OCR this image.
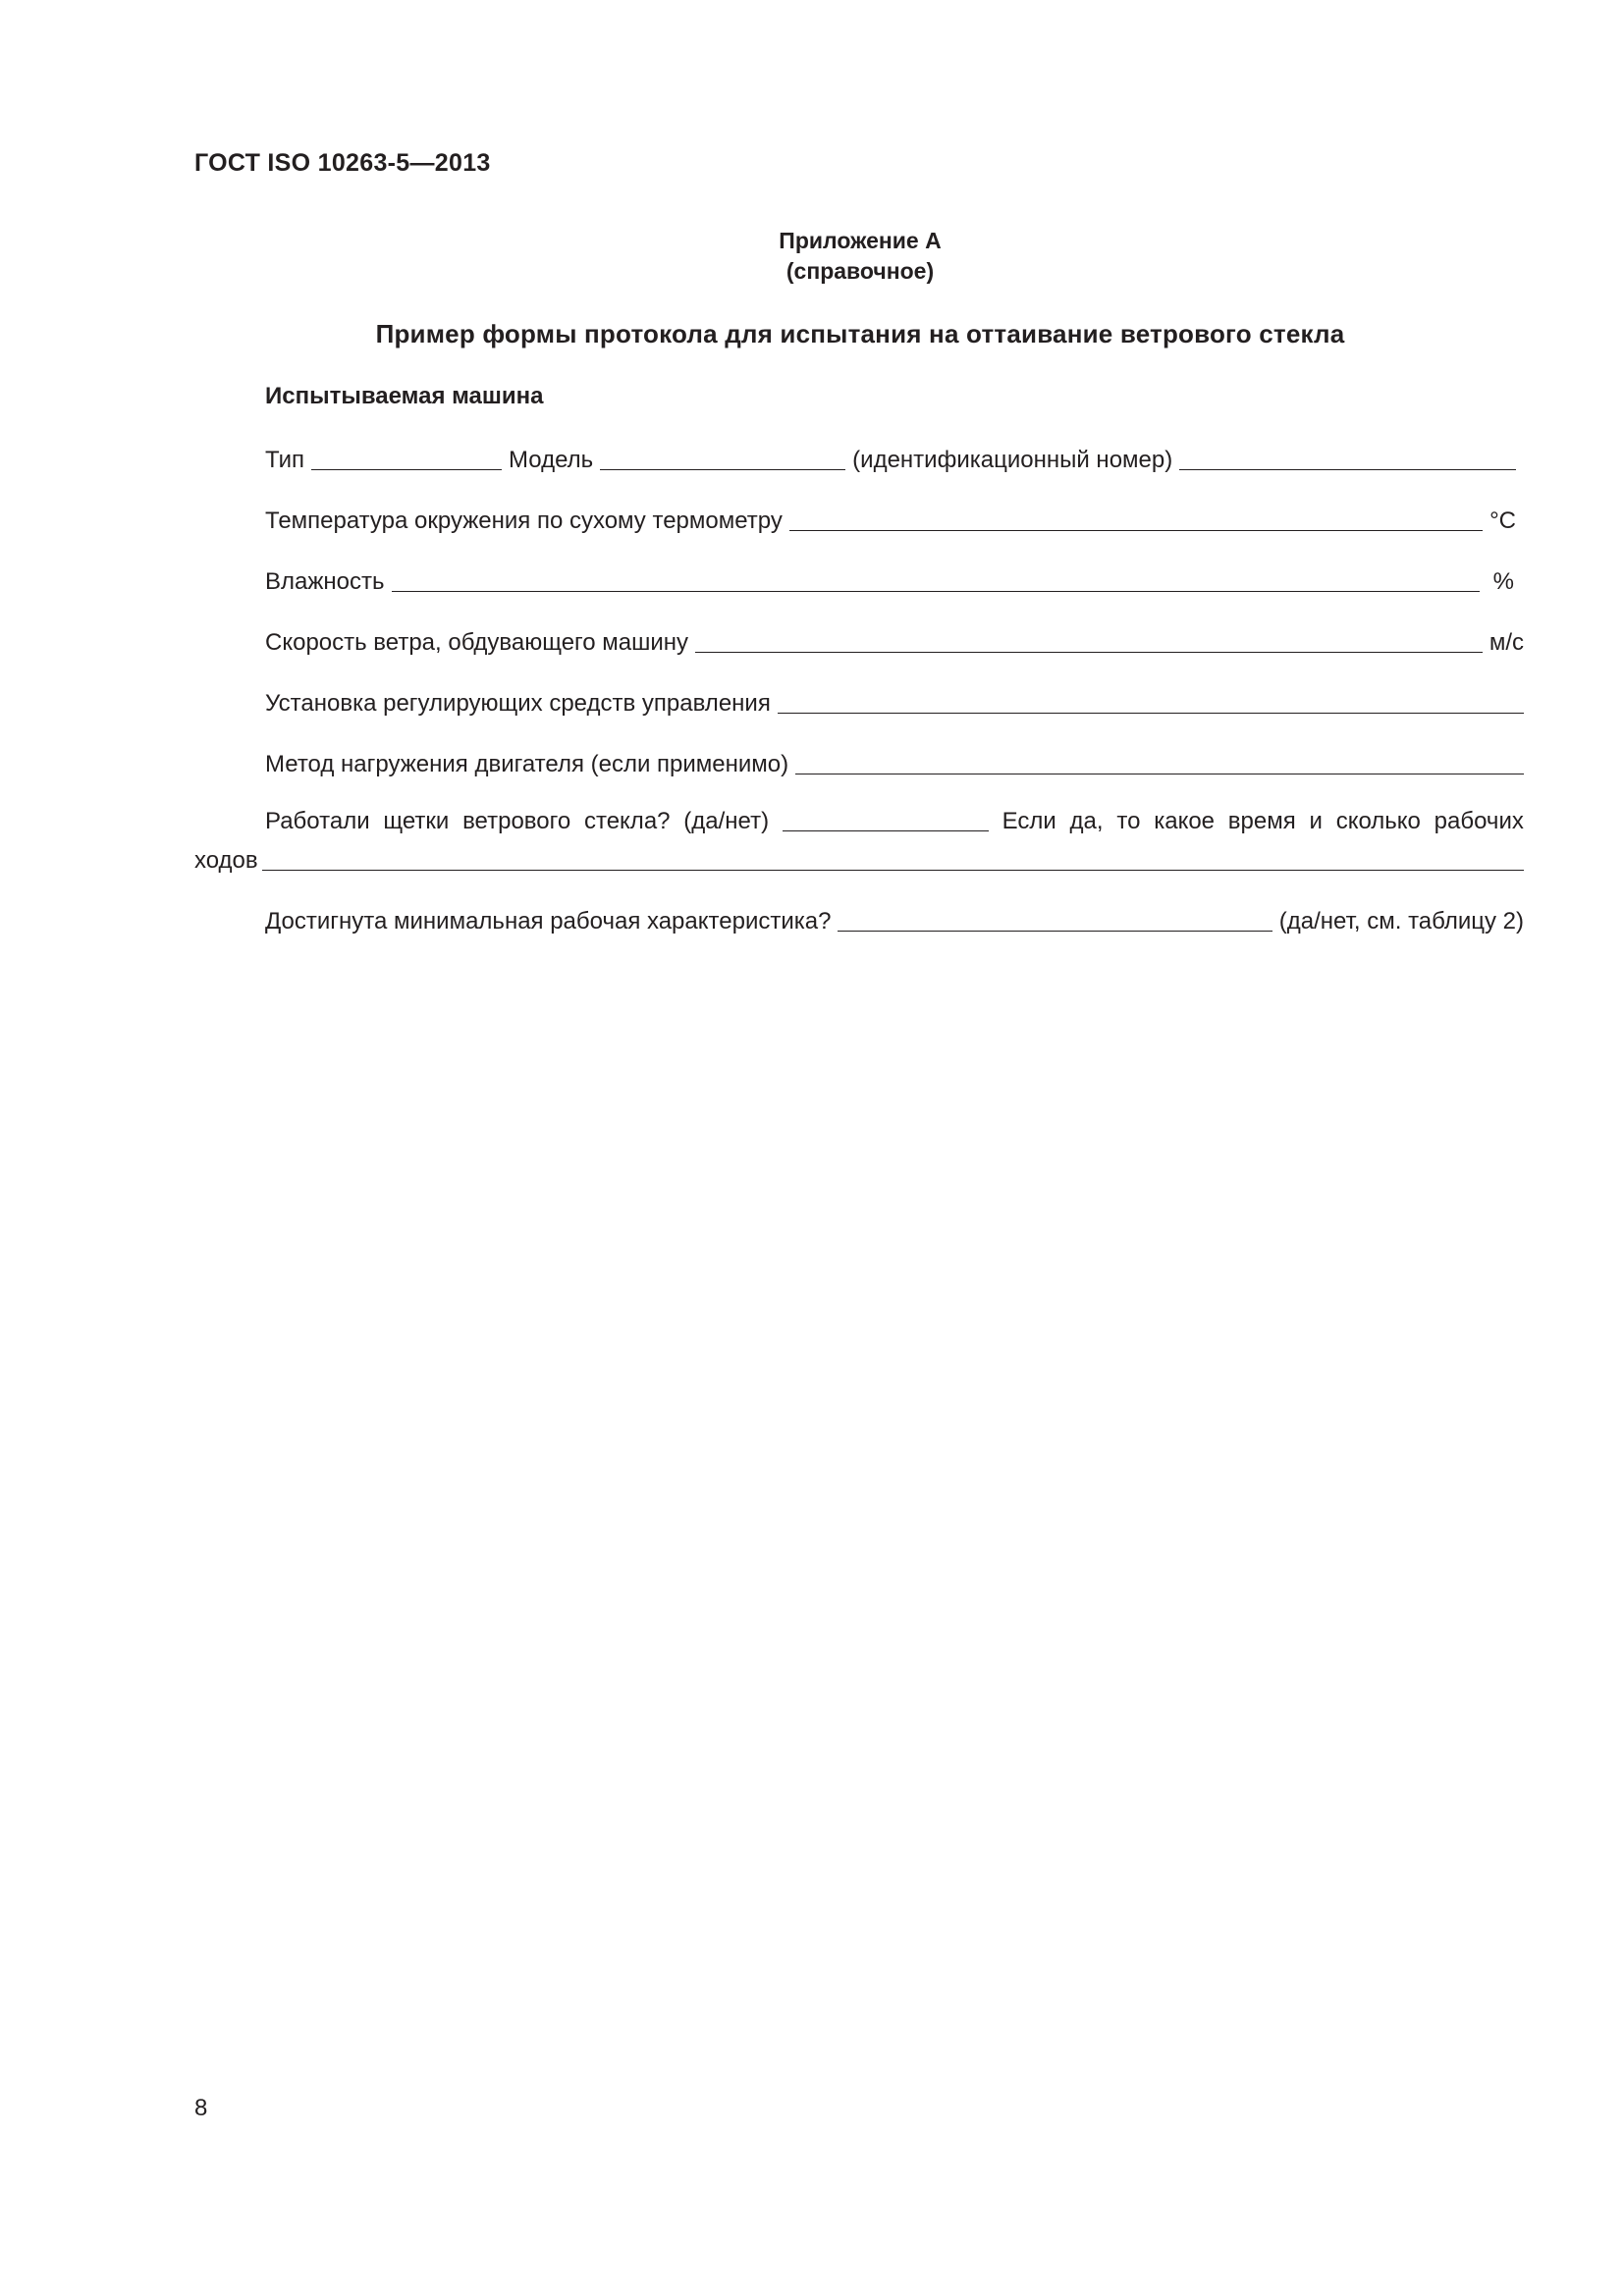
ГОСТ ISO 10263-5—2013
Приложение А
(справочное)
Пример формы протокола для испытания на оттаивание ветрового стекла
Испытываемая машина
Тип	Модель	(идентификационный номер)
Температура окружения по сухому термометру	°С
Влажность	%
Скорость ветра, обдувающего машину	м/с
Установка регулирующих средств управления
Метод нагружения двигателя (если применимо)
Работали щетки ветрового стекла? (да/нет)	Если да, то какое время и сколько рабочих
ходов
Достигнута минимальная рабочая характеристика?	(да/нет, см. таблицу 2)
8
